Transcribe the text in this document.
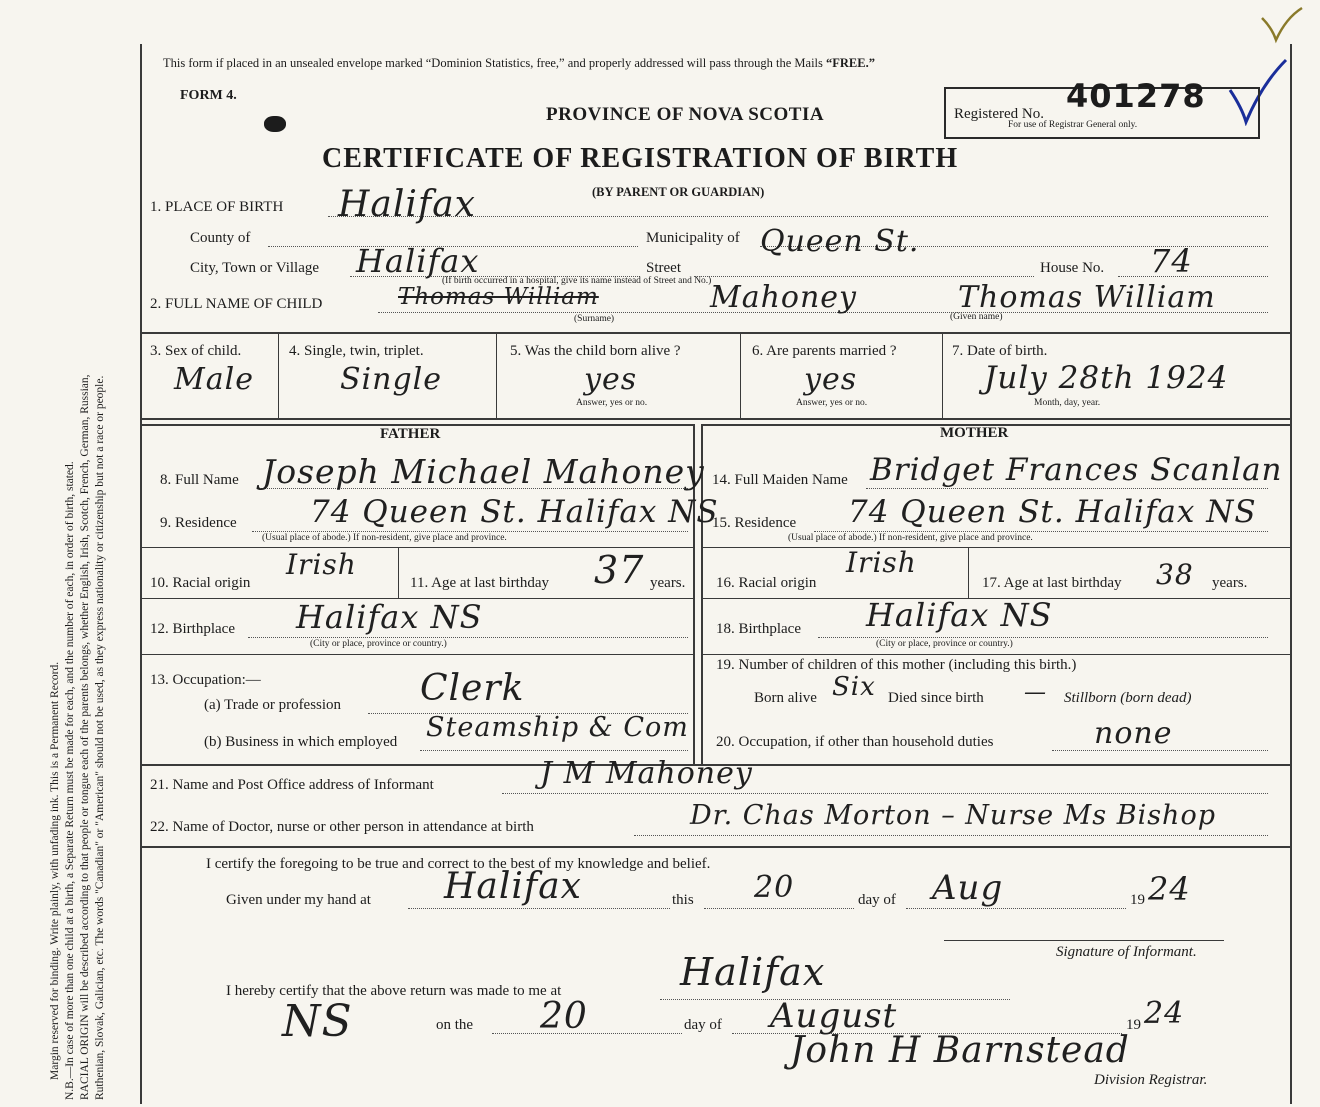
Margin reserved for binding. Write plainly, with unfading ink. This is a Permanent Record. N.B.—In case of more than one child at a birth, a Separate Return must be made for each, and the number of each, in order of birth, stated. RACIAL ORIGIN will be described according to that people or tongue each of the parents belongs, whether English, Irish, Scotch, French, German, Russian, Ruthenian, Slovak, Galician, etc. The words "Canadian" or "American" should not be used, as they express nationality or citizenship but not a race or people.
This form if placed in an unsealed envelope marked “Dominion Statistics, free,” and properly addressed will pass through the Mails “FREE.”
FORM 4.
PROVINCE OF NOVA SCOTIA	Registered No. 401278
For use of Registrar General only.
CERTIFICATE OF REGISTRATION OF BIRTH
(BY PARENT OR GUARDIAN)
1. PLACE OF BIRTH Halifax
County of	Municipality of Queen St.
City, Town or Village Halifax
(If birth occurred in a hospital, give its name instead of Street and No.)
Street	House No. 74
2. FULL NAME OF CHILD	Thomas William	Mahoney	Thomas William
(Surname)	(Given name)
3. Sex of child.
Male
4. Single, twin, triplet.
Single
5. Was the child born alive ?
yes
Answer, yes or no.
6. Are parents married ?
yes
Answer, yes or no.
7. Date of birth.
July 28th 1924
Month, day, year.
FATHER	MOTHER
8. Full Name Joseph Michael Mahoney
9. Residence 74 Queen St. Halifax NS
(Usual place of abode.) If non-resident, give place and province.
10. Racial origin
Irish
11. Age at last birthday 37 years.
12. Birthplace Halifax NS
(City or place, province or country.)
13. Occupation:—
(a) Trade or profession Clerk
(b) Business in which employed Steamship & Com
14. Full Maiden Name Bridget Frances Scanlan
15. Residence 74 Queen St. Halifax NS
(Usual place of abode.) If non-resident, give place and province.
16. Racial origin
Irish
17. Age at last birthday 38 years.
18. Birthplace Halifax NS
(City or place, province or country.)
19. Number of children of this mother (including this birth.)
Born alive Six Died since birth — Stillborn (born dead)
20. Occupation, if other than household duties	none
21. Name and Post Office address of Informant	J M Mahoney
22. Name of Doctor, nurse or other person in attendance at birth	Dr. Chas Morton – Nurse Ms Bishop
I certify the foregoing to be true and correct to the best of my knowledge and belief.
Given under my hand at Halifax	this 20	day of Aug	19 24
Signature of Informant.
I hereby certify that the above return was made to me at	Halifax
NS	on the 20	day of August	19 24
John H Barnstead
Division Registrar.
